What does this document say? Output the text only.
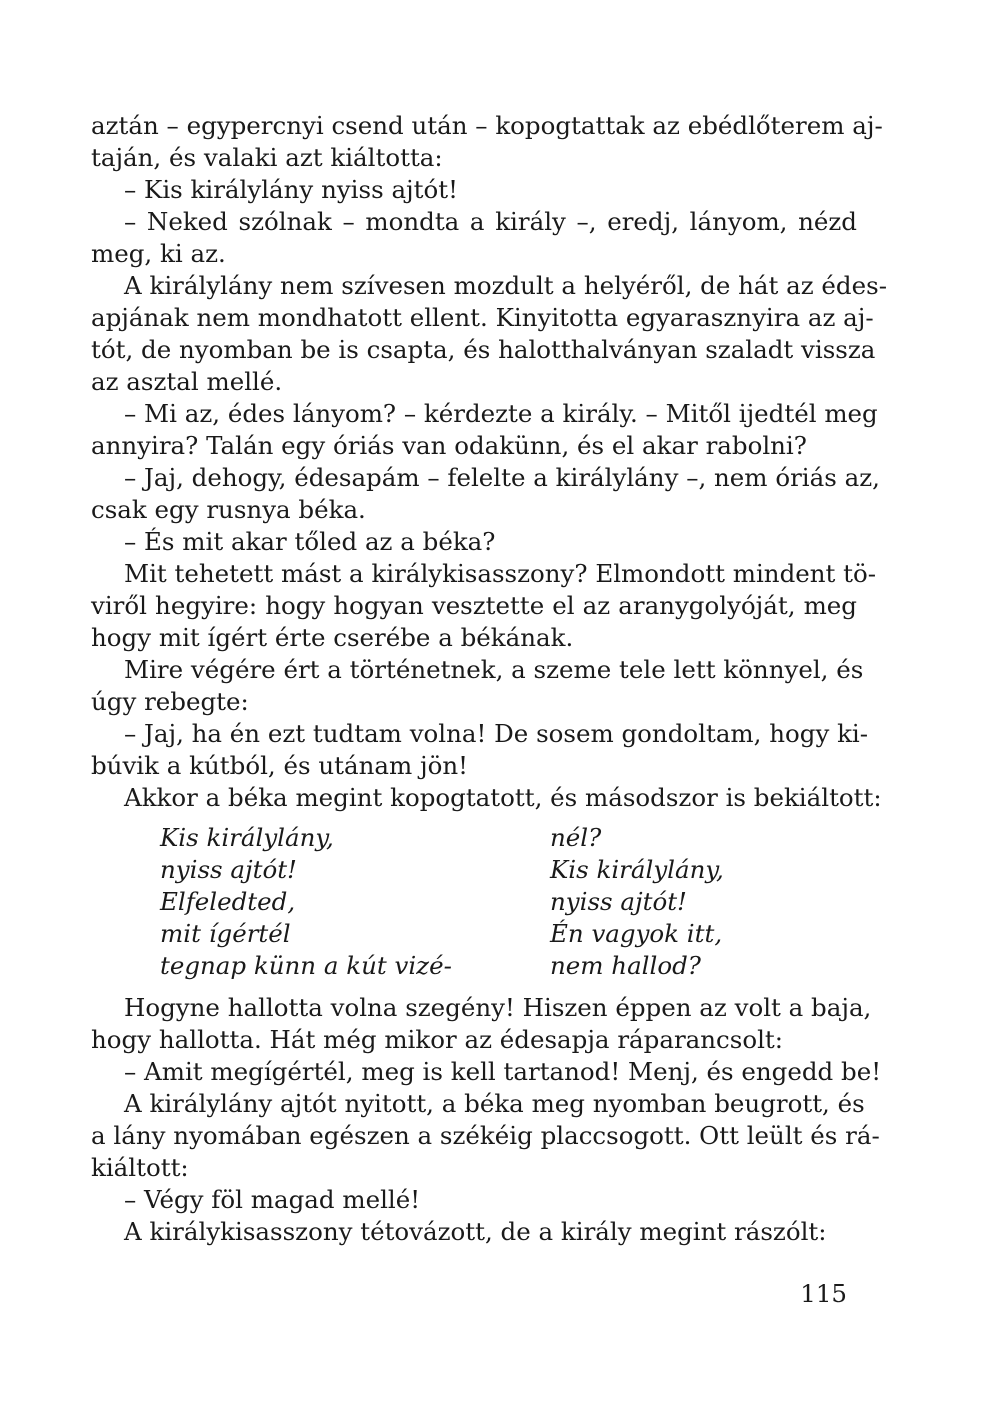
aztán – egypercnyi csend után – kopogtattak az ebédlőterem aj-
taján, és valaki azt kiáltotta:
– Kis királylány nyiss ajtót!
– Neked szólnak – mondta a király –, eredj, lányom, nézd
meg, ki az.
A királylány nem szívesen mozdult a helyéről, de hát az édes-
apjának nem mondhatott ellent. Kinyitotta egyarasznyira az aj-
tót, de nyomban be is csapta, és halotthalványan szaladt vissza
az asztal mellé.
– Mi az, édes lányom? – kérdezte a király. – Mitől ijedtél meg
annyira? Talán egy óriás van odakünn, és el akar rabolni?
– Jaj, dehogy, édesapám – felelte a királylány –, nem óriás az,
csak egy rusnya béka.
– És mit akar tőled az a béka?
Mit tehetett mást a királykisasszony? Elmondott mindent tö-
viről hegyire: hogy hogyan vesztette el az aranygolyóját, meg
hogy mit ígért érte cserébe a békának.
Mire végére ért a történetnek, a szeme tele lett könnyel, és
úgy rebegte:
– Jaj, ha én ezt tudtam volna! De sosem gondoltam, hogy ki-
búvik a kútból, és utánam jön!
Akkor a béka megint kopogtatott, és másodszor is bekiáltott:
Kis királylány,
nyiss ajtót!
Elfeledted,
mit ígértél
tegnap künn a kút vizé-
nél?
Kis királylány,
nyiss ajtót!
Én vagyok itt,
nem hallod?
Hogyne hallotta volna szegény! Hiszen éppen az volt a baja,
hogy hallotta. Hát még mikor az édesapja ráparancsolt:
– Amit megígértél, meg is kell tartanod! Menj, és engedd be!
A királylány ajtót nyitott, a béka meg nyomban beugrott, és
a lány nyomában egészen a székéig placcsogott. Ott leült és rá-
kiáltott:
– Végy föl magad mellé!
A királykisasszony tétovázott, de a király megint rászólt:
115
